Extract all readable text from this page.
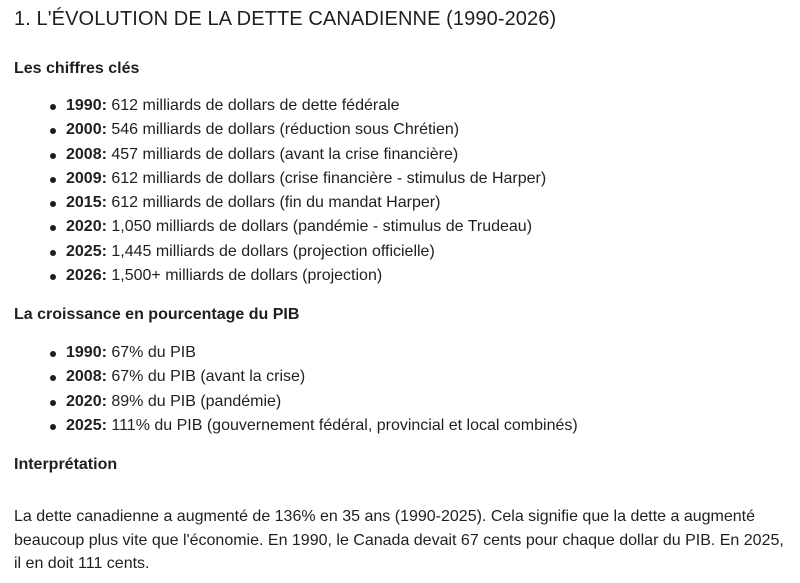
1. L'ÉVOLUTION DE LA DETTE CANADIENNE (1990-2026)
Les chiffres clés
1990: 612 milliards de dollars de dette fédérale
2000: 546 milliards de dollars (réduction sous Chrétien)
2008: 457 milliards de dollars (avant la crise financière)
2009: 612 milliards de dollars (crise financière - stimulus de Harper)
2015: 612 milliards de dollars (fin du mandat Harper)
2020: 1,050 milliards de dollars (pandémie - stimulus de Trudeau)
2025: 1,445 milliards de dollars (projection officielle)
2026: 1,500+ milliards de dollars (projection)
La croissance en pourcentage du PIB
1990: 67% du PIB
2008: 67% du PIB (avant la crise)
2020: 89% du PIB (pandémie)
2025: 111% du PIB (gouvernement fédéral, provincial et local combinés)
Interprétation

La dette canadienne a augmenté de 136% en 35 ans (1990-2025). Cela signifie que la dette a augmenté beaucoup plus vite que l'économie. En 1990, le Canada devait 67 cents pour chaque dollar du PIB. En 2025, il en doit 111 cents.
